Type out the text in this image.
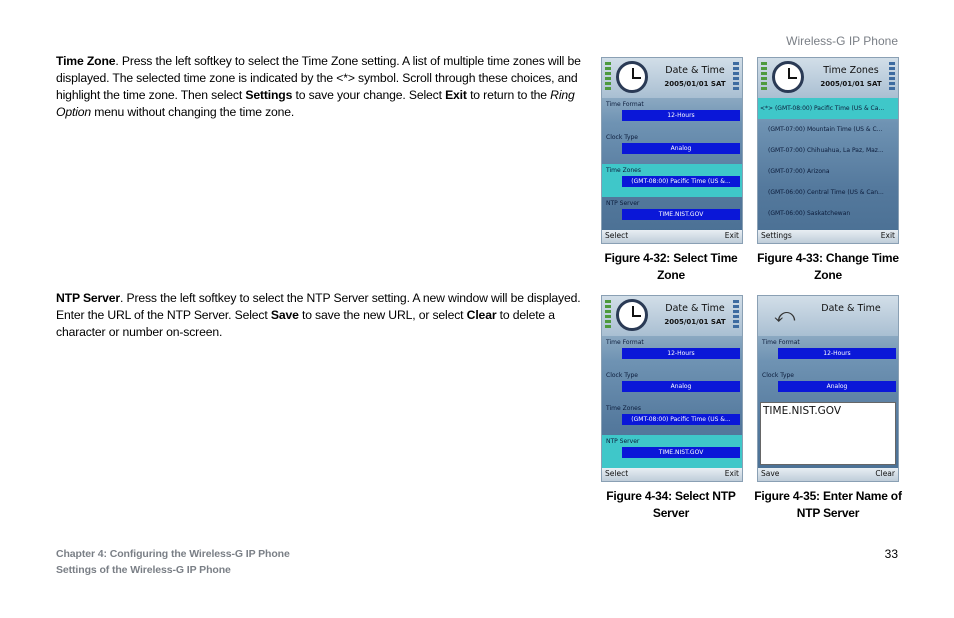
Wireless-G IP Phone

Time Zone. Press the left softkey to select the Time Zone setting. A list of multiple time zones will be displayed. The selected time zone is indicated by the <*> symbol. Scroll through these choices, and highlight the time zone. Then select Settings to save your change. Select Exit to return to the Ring Option menu without changing the time zone.

NTP Server. Press the left softkey to select the NTP Server setting. A new window will be displayed. Enter the URL of the NTP Server. Select Save to save the new URL, or select Clear to delete a character or number on-screen.

Date & Time
2005/01/01 SAT
Time Format
12-Hours
Clock Type
Analog
Time Zones
(GMT-08:00) Pacific Time (US &...
NTP Server
TIME.NIST.GOV
Select	Exit
Figure 4-32: Select Time Zone
Time Zones
2005/01/01 SAT
<*> (GMT-08:00) Pacific Time (US & Ca...
(GMT-07:00) Mountain Time (US & C...
(GMT-07:00) Chihuahua, La Paz, Maz...
(GMT-07:00) Arizona
(GMT-06:00) Central Time (US & Can...
(GMT-06:00) Saskatchewan
Settings	Exit
Figure 4-33: Change Time Zone
Date & Time
2005/01/01 SAT
Time Format
12-Hours
Clock Type
Analog
Time Zones
(GMT-08:00) Pacific Time (US &...
NTP Server
TIME.NIST.GOV
Select	Exit
Figure 4-34: Select NTP Server
⤺	Date & Time
Time Format
12-Hours
Clock Type
Analog
TIME.NIST.GOV
Save	Clear
Figure 4-35: Enter Name of NTP Server
Chapter 4: Configuring the Wireless-G IP Phone
Settings of the Wireless-G IP Phone
33
